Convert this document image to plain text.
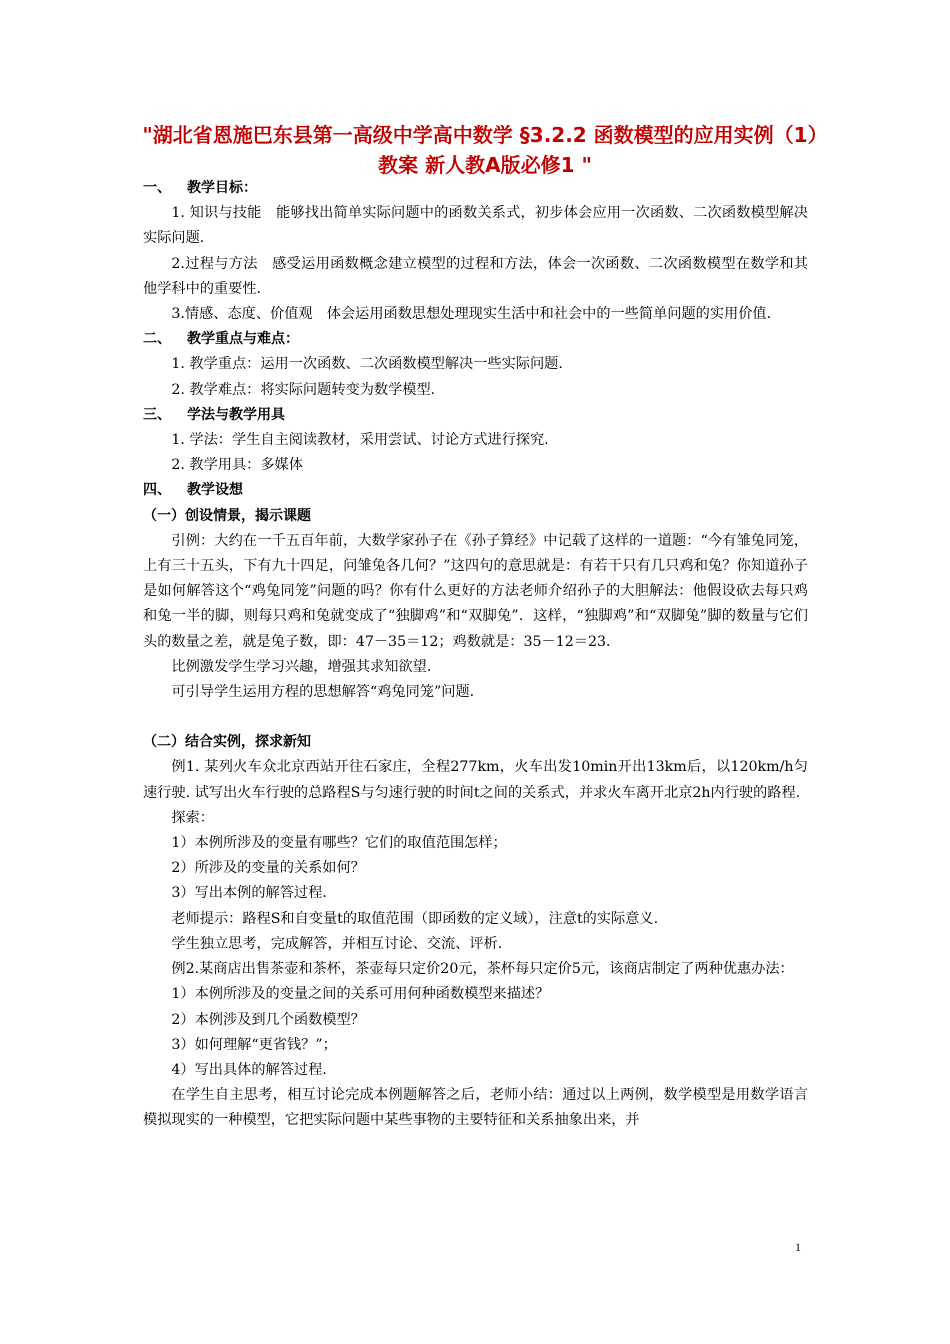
"湖北省恩施巴东县第一高级中学高中数学 §3.2.2 函数模型的应用实例（1）教案 新人教A版必修1 "

一、 教学目标：

1. 知识与技能　能够找出简单实际问题中的函数关系式，初步体会应用一次函数、二次函数模型解决实际问题.

2.过程与方法　感受运用函数概念建立模型的过程和方法，体会一次函数、二次函数模型在数学和其他学科中的重要性.

3.情感、态度、价值观　体会运用函数思想处理现实生活中和社会中的一些简单问题的实用价值.

二、 教学重点与难点：

1. 教学重点：运用一次函数、二次函数模型解决一些实际问题.

2. 教学难点：将实际问题转变为数学模型.

三、 学法与教学用具

1. 学法：学生自主阅读教材，采用尝试、讨论方式进行探究.

2. 教学用具：多媒体

四、 教学设想

（一）创设情景，揭示课题

引例：大约在一千五百年前，大数学家孙子在《孙子算经》中记载了这样的一道题：“今有雏兔同笼，上有三十五头，下有九十四足，问雏兔各几何？”这四句的意思就是：有若干只有几只鸡和兔？你知道孙子是如何解答这个“鸡兔同笼”问题的吗？你有什么更好的方法老师介绍孙子的大胆解法：他假设砍去每只鸡和兔一半的脚，则每只鸡和兔就变成了“独脚鸡”和“双脚兔”．这样，“独脚鸡”和“双脚兔”脚的数量与它们头的数量之差，就是兔子数，即：47－35＝12；鸡数就是：35－12＝23.

比例激发学生学习兴趣，增强其求知欲望.

可引导学生运用方程的思想解答“鸡兔同笼”问题.

（二）结合实例，探求新知

例1. 某列火车众北京西站开往石家庄，全程277km，火车出发10min开出13km后，以120km/h匀速行驶. 试写出火车行驶的总路程S与匀速行驶的时间t之间的关系式，并求火车离开北京2h内行驶的路程.

探索：

1）本例所涉及的变量有哪些？它们的取值范围怎样；

2）所涉及的变量的关系如何？

3）写出本例的解答过程.

老师提示：路程S和自变量t的取值范围（即函数的定义域），注意t的实际意义.

学生独立思考，完成解答，并相互讨论、交流、评析.

例2.某商店出售茶壶和茶杯，茶壶每只定价20元，茶杯每只定价5元，该商店制定了两种优惠办法：

1）本例所涉及的变量之间的关系可用何种函数模型来描述？

2）本例涉及到几个函数模型？

3）如何理解“更省钱？”；

4）写出具体的解答过程.

在学生自主思考，相互讨论完成本例题解答之后，老师小结：通过以上两例，数学模型是用数学语言模拟现实的一种模型，它把实际问题中某些事物的主要特征和关系抽象出来，并

1
